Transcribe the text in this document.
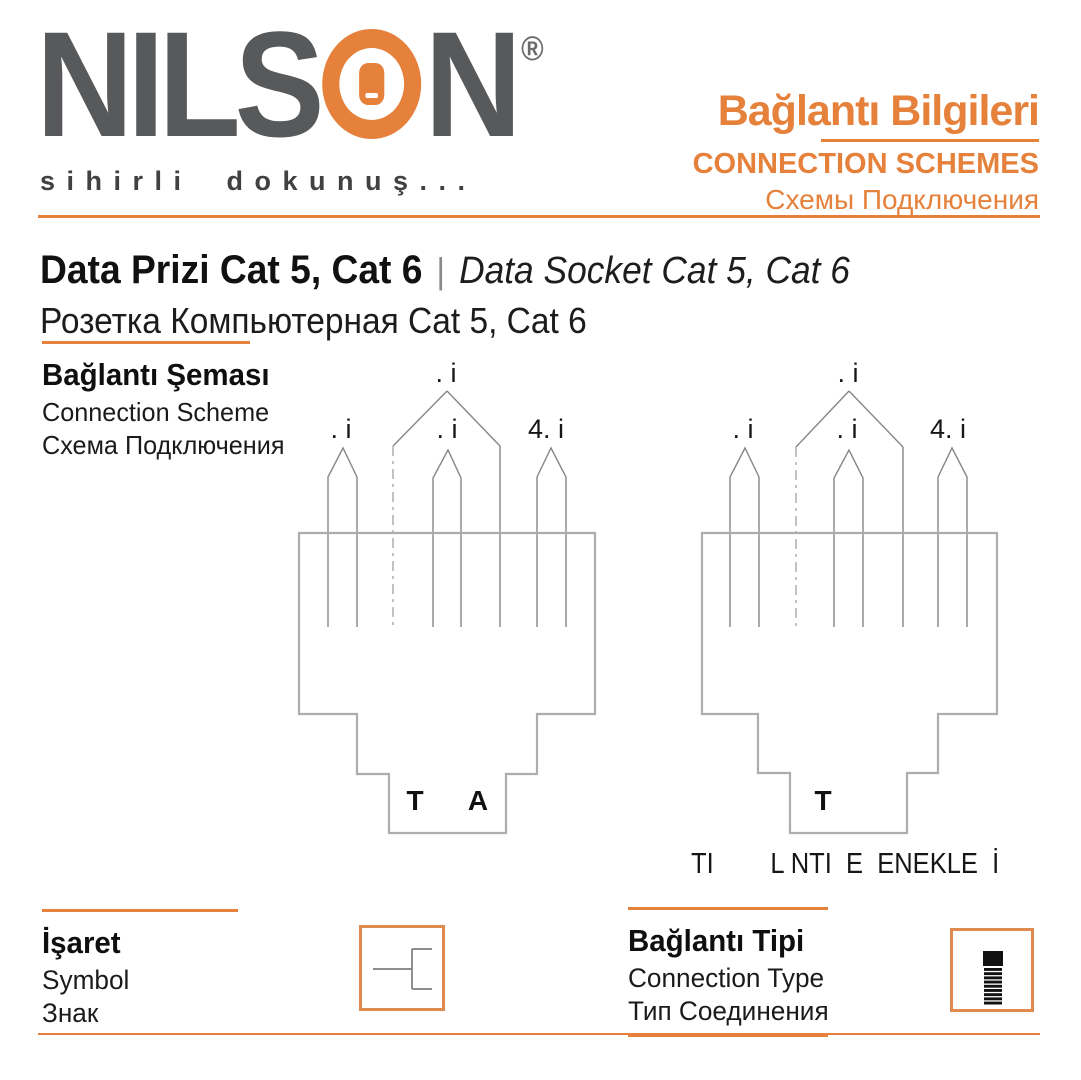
NILS N ®
sihirli dokunuş...
Bağlantı Bilgileri
CONNECTION SCHEMES
Схемы Подключения
Data Prizi Cat 5, Cat 6 | Data Socket Cat 5, Cat 6
Розетка Компьютерная Cat 5, Cat 6
Bağlantı Şeması
Connection Scheme
Схема Подключения
. i
. i	. i	4. i
T A
. i
. i	. i	4. i
T
TI        L NTI  E  ENEKLE  İ
İşaret
Symbol
Знак
Bağlantı Tipi
Connection Type
Тип Соединения
